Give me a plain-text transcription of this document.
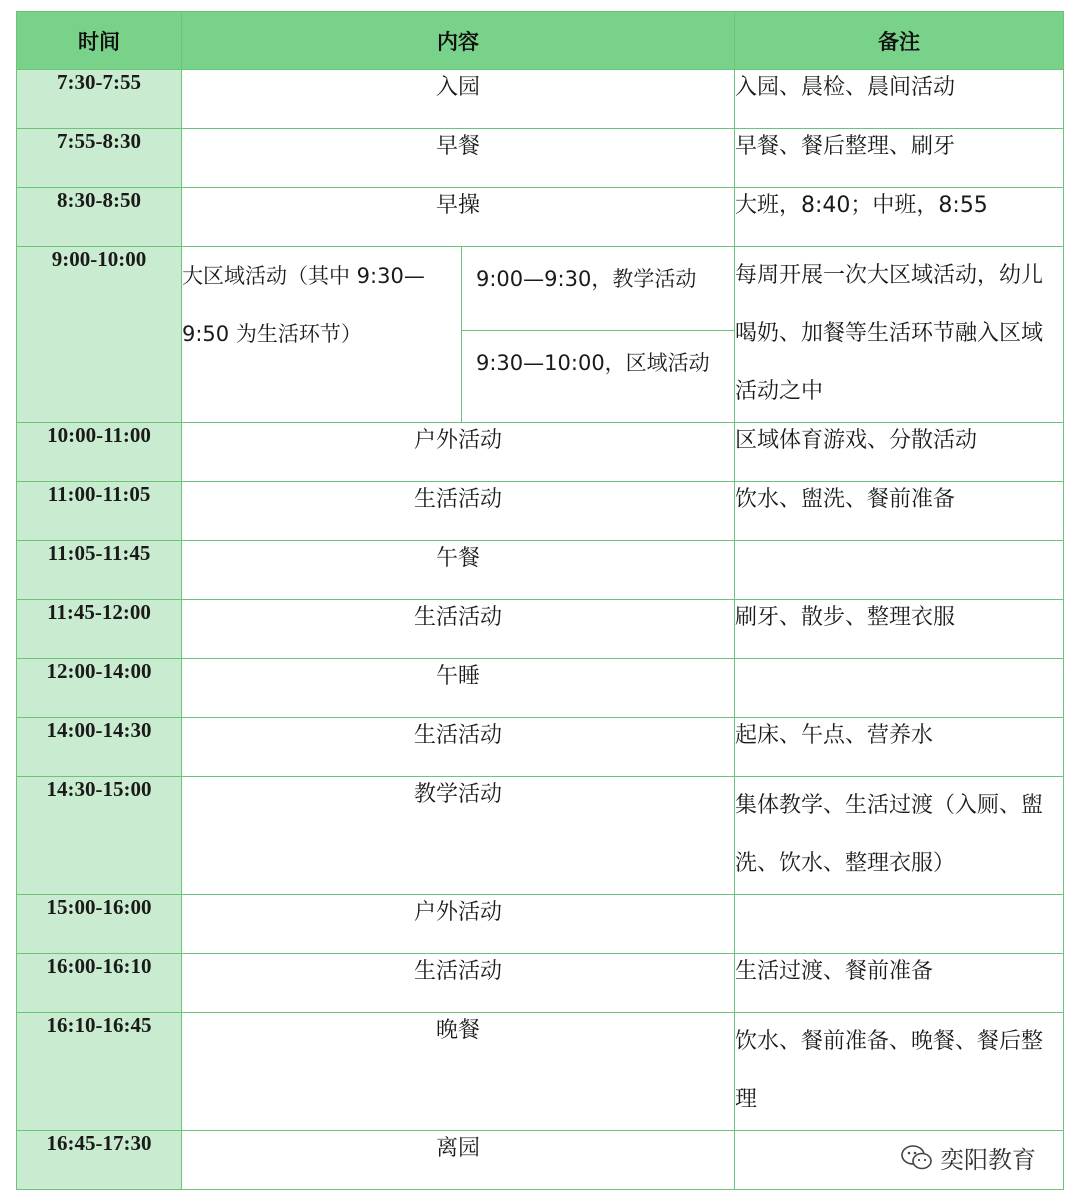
时间	内容		备注
7:30-7:55	入园		入园、晨检、晨间活动
7:55-8:30	早餐		早餐、餐后整理、刷牙
8:30-8:50	早操		大班，8:40；中班，8:55
9:00-10:00	大区域活动（其中 9:30—9:50 为生活环节）	9:00—9:30，教学活动	每周开展一次大区域活动，幼儿喝奶、加餐等生活环节融入区域活动之中
		9:30—10:00，区域活动	
10:00-11:00	户外活动		区域体育游戏、分散活动
11:00-11:05	生活活动		饮水、盥洗、餐前准备
11:05-11:45	午餐		
11:45-12:00	生活活动		刷牙、散步、整理衣服
12:00-14:00	午睡		
14:00-14:30	生活活动		起床、午点、营养水
14:30-15:00	教学活动		集体教学、生活过渡（入厕、盥洗、饮水、整理衣服）
15:00-16:00	户外活动		
16:00-16:10	生活活动		生活过渡、餐前准备
16:10-16:45	晚餐		饮水、餐前准备、晚餐、餐后整理
16:45-17:30	离园			奕阳教育
